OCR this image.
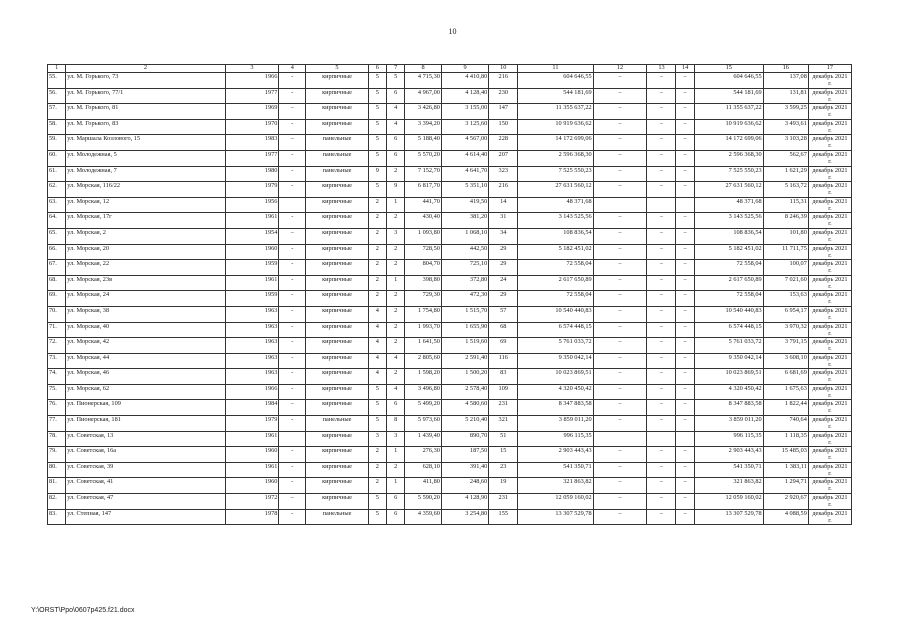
10
1	2	3	4	5	6	7	8	9	10	11	12	13	14	15	16	17
55.	ул. М. Горького, 73	1966	-	кирпичные	5	5	4 715,30	4 410,80	216	604 646,55	–	–	–	604 646,55	137,08	декабрь 2021 г.
56.	ул. М. Горького, 77/1	1977	-	кирпичные	5	6	4 967,00	4 128,40	230	544 181,69	–	–	–	544 181,69	131,81	декабрь 2021 г.
57.	ул. М. Горького, 81	1969	–	кирпичные	5	4	3 426,80	3 155,00	147	11 355 637,22	–	–	–	11 355 637,22	3 599,25	декабрь 2021 г.
58.	ул. М. Горького, 83	1970	-	кирпичные	5	4	3 394,20	3 125,60	150	10 919 636,62	–	–	–	10 919 636,62	3 493,61	декабрь 2021 г.
59.	ул. Маршала Козлового, 15	1983	–	панельные	5	6	5 188,40	4 567,00	228	14 172 699,06	–	–	–	14 172 699,06	3 103,28	декабрь 2021 г.
60.	ул. Молодежная, 5	1977	-	панельные	5	6	5 570,20	4 614,40	207	2 596 368,30	–	–	–	2 596 368,30	562,67	декабрь 2021 г.
61.	ул. Молодежная, 7	1980	-	панельные	9	2	7 152,70	4 641,70	323	7 525 550,23	–	–	–	7 525 550,23	1 621,29	декабрь 2021 г.
62.	ул. Морская, 116/22	1979	-	кирпичные	5	9	6 817,70	5 351,10	216	27 631 560,12	–	–	–	27 631 560,12	5 163,72	декабрь 2021 г.
63.	ул. Морская, 12	1956		кирпичные	2	1	441,70	419,50	14	48 371,68				48 371,68	115,31	декабрь 2021 г.
64.	ул. Морская, 17г	1961	-	кирпичные	2	2	430,40	381,20	31	3 143 525,56	–	–	–	3 143 525,56	8 246,39	декабрь 2021 г.
65.	ул. Морская, 2	1954	–	кирпичные	2	3	1 093,80	1 068,10	34	108 836,54	–	–	–	108 836,54	101,80	декабрь 2021 г.
66.	ул. Морская, 20	1960	-	кирпичные	2	2	728,50	442,50	29	5 182 451,02	–	–	–	5 182 451,02	11 711,75	декабрь 2021 г.
67.	ул. Морская, 22	1959	-	кирпичные	2	2	804,70	725,10	29	72 558,04	–	–	–	72 558,04	100,07	декабрь 2021 г.
68.	ул. Морская, 23в	1961	-	кирпичные	2	1	398,80	372,80	24	2 617 650,89	–	–	–	2 617 650,89	7 021,60	декабрь 2021 г.
69.	ул. Морская, 24	1959	-	кирпичные	2	2	729,30	472,30	29	72 558,04	–	–	–	72 558,04	153,63	декабрь 2021 г.
70.	ул. Морская, 38	1963	-	кирпичные	4	2	1 754,80	1 515,70	57	10 540 440,83	–	–	–	10 540 440,83	6 954,17	декабрь 2021 г.
71.	ул. Морская, 40	1963	-	кирпичные	4	2	1 993,70	1 655,90	68	6 574 448,15	–	–	–	6 574 448,15	3 970,32	декабрь 2021 г.
72.	ул. Морская, 42	1963	-	кирпичные	4	2	1 641,50	1 519,60	69	5 761 033,72	–	–	–	5 761 033,72	3 791,15	декабрь 2021 г.
73.	ул. Морская, 44	1963	-	кирпичные	4	4	2 805,60	2 591,40	116	9 350 042,14	–	–	–	9 350 042,14	3 608,10	декабрь 2021 г.
74.	ул. Морская, 46	1963	-	кирпичные	4	2	1 598,20	1 500,20	83	10 023 869,51	–	–	–	10 023 869,51	6 681,69	декабрь 2021 г.
75.	ул. Морская, 62	1966	-	кирпичные	5	4	3 496,80	2 578,40	109	4 320 450,42	–	–	–	4 320 450,42	1 675,63	декабрь 2021 г.
76.	ул. Пионерская, 109	1984	–	кирпичные	5	6	5 499,20	4 580,60	231	8 347 883,58	–	–	–	8 347 883,58	1 822,44	декабрь 2021 г.
77.	ул. Пионерская, 181	1979	-	панельные	5	8	5 973,60	5 210,40	321	3 859 011,20	–	–	–	3 859 011,20	740,64	декабрь 2021 г.
78.	ул. Советская, 13	1961		кирпичные	3	3	1 439,40	890,70	51	996 115,35				996 115,35	1 118,35	декабрь 2021 г.
79.	ул. Советская, 16а	1960	-	кирпичные	2	1	276,30	187,50	15	2 903 443,43	–	–	–	2 903 443,43	15 485,03	декабрь 2021 г.
80.	ул. Советская, 39	1961	-	кирпичные	2	2	628,10	391,40	23	541 350,71	–	–	–	541 350,71	1 383,11	декабрь 2021 г.
81.	ул. Советская, 41	1960	-	кирпичные	2	1	411,80	248,60	19	321 863,82	–	–	–	321 863,82	1 294,71	декабрь 2021 г.
82.	ул. Советская, 47	1972	–	кирпичные	5	6	5 590,20	4 128,90	231	12 059 160,02	–	–	–	12 059 160,02	2 920,67	декабрь 2021 г.
83.	ул. Степная, 147	1978	-	панельные	5	6	4 359,60	3 254,80	155	13 307 529,78	–	–	–	13 307 529,78	4 088,59	декабрь 2021 г.
Y:\ORST\Ppo\0607p425.f21.docx
